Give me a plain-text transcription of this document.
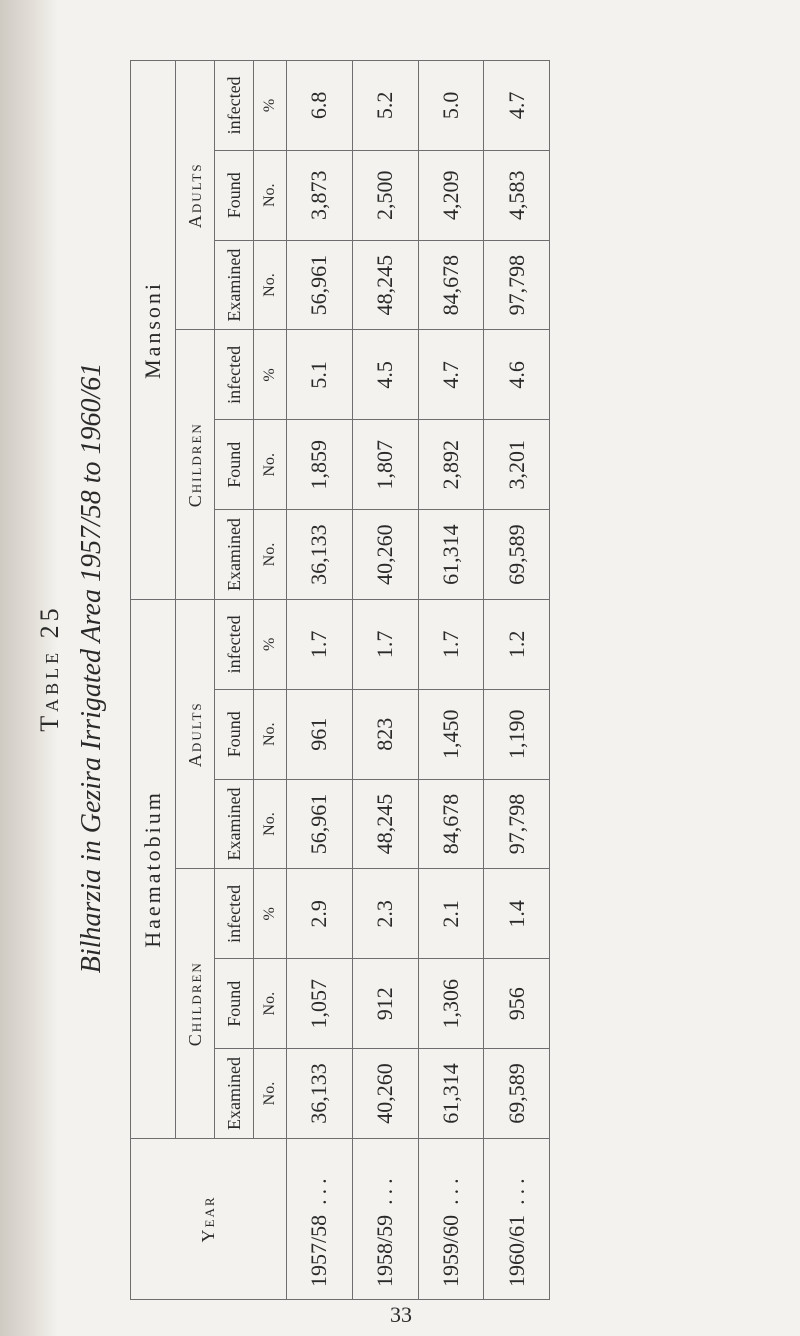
Table 25 Bilharzia in Gezira Irrigated Area 1957/58 to 1960/61
Year	Haematobium						Mansoni					
	Children			Adults			Children			Adults		
	Examined	Found	infected	Examined	Found	infected	Examined	Found	infected	Examined	Found	infected
	No.	No.	%	No.	No.	%	No.	No.	%	No.	No.	%
1957/58...	36,133	1,057	2.9	56,961	961	1.7	36,133	1,859	5.1	56,961	3,873	6.8
1958/59...	40,260	912	2.3	48,245	823	1.7	40,260	1,807	4.5	48,245	2,500	5.2
1959/60...	61,314	1,306	2.1	84,678	1,450	1.7	61,314	2,892	4.7	84,678	4,209	5.0
1960/61...	69,589	956	1.4	97,798	1,190	1.2	69,589	3,201	4.6	97,798	4,583	4.7
33
